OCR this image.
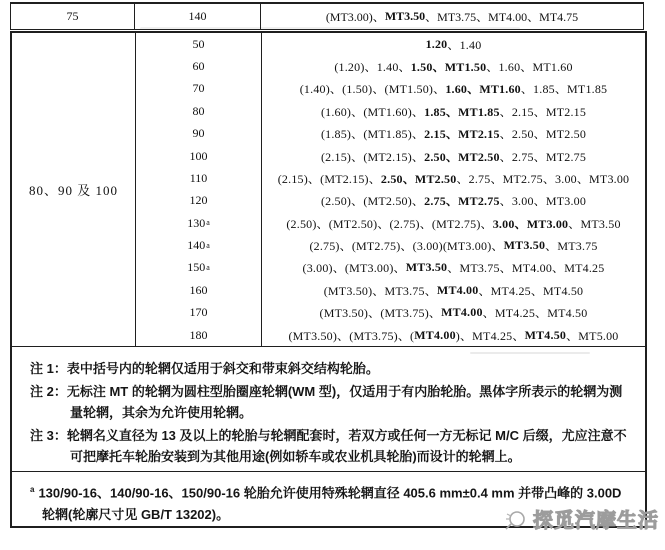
75	140	(MT3.00)、 MT3.50 、MT3.75、MT4.00、MT4.75
80、90 及 100
50	1.20 、1.40
60	(1.20)、1.40、 1.50、MT1.50 、1.60、MT1.60
70	(1.40)、(1.50)、(MT1.50)、 1.60、MT1.60 、1.85、MT1.85
80	(1.60)、(MT1.60)、 1.85、MT1.85 、2.15、MT2.15
90	(1.85)、(MT1.85)、 2.15、MT2.15 、2.50、MT2.50
100	(2.15)、(MT2.15)、 2.50、MT2.50 、2.75、MT2.75
110	(2.15)、(MT2.15)、 2.50、MT2.50 、2.75、MT2.75、3.00、MT3.00
120	(2.50)、(MT2.50)、 2.75、MT2.75 、3.00、MT3.00
130 a	(2.50)、(MT2.50)、(2.75)、(MT2.75)、 3.00、MT3.00 、MT3.50
140 a	(2.75)、(MT2.75)、(3.00)(MT3.00)、 MT3.50 、MT3.75
150 a	(3.00)、(MT3.00)、 MT3.50 、MT3.75、MT4.00、MT4.25
160	(MT3.50)、MT3.75、 MT4.00 、MT4.25、MT4.50
170	(MT3.50)、(MT3.75)、 MT4.00 、MT4.25、MT4.50
180	(MT3.50)、(MT3.75)、( MT4.00 )、MT4.25、 MT4.50 、MT5.00
注 1：表中括号内的轮辋仅适用于斜交和带束斜交结构轮胎。
注 2：无标注 MT 的轮辋为圆柱型胎圈座轮辋(WM 型)，仅适用于有内胎轮胎。黑体字所表示的轮辋为测量轮辋，其余为允许使用轮辋。
注 3：轮辋名义直径为 13 及以上的轮胎与轮辋配套时，若双方或任何一方无标记 M/C 后缀，尤应注意不可把摩托车轮胎安装到为其他用途(例如轿车或农业机具轮胎)而设计的轮辋上。
$^a$ 130/90-16、140/90-16、150/90-16 轮胎允许使用特殊轮辋直径 405.6 mm±0.4 mm 并带凸峰的 3.00D 轮辋(轮廓尺寸见 GB/T 13202)。	探觅汽摩生活
